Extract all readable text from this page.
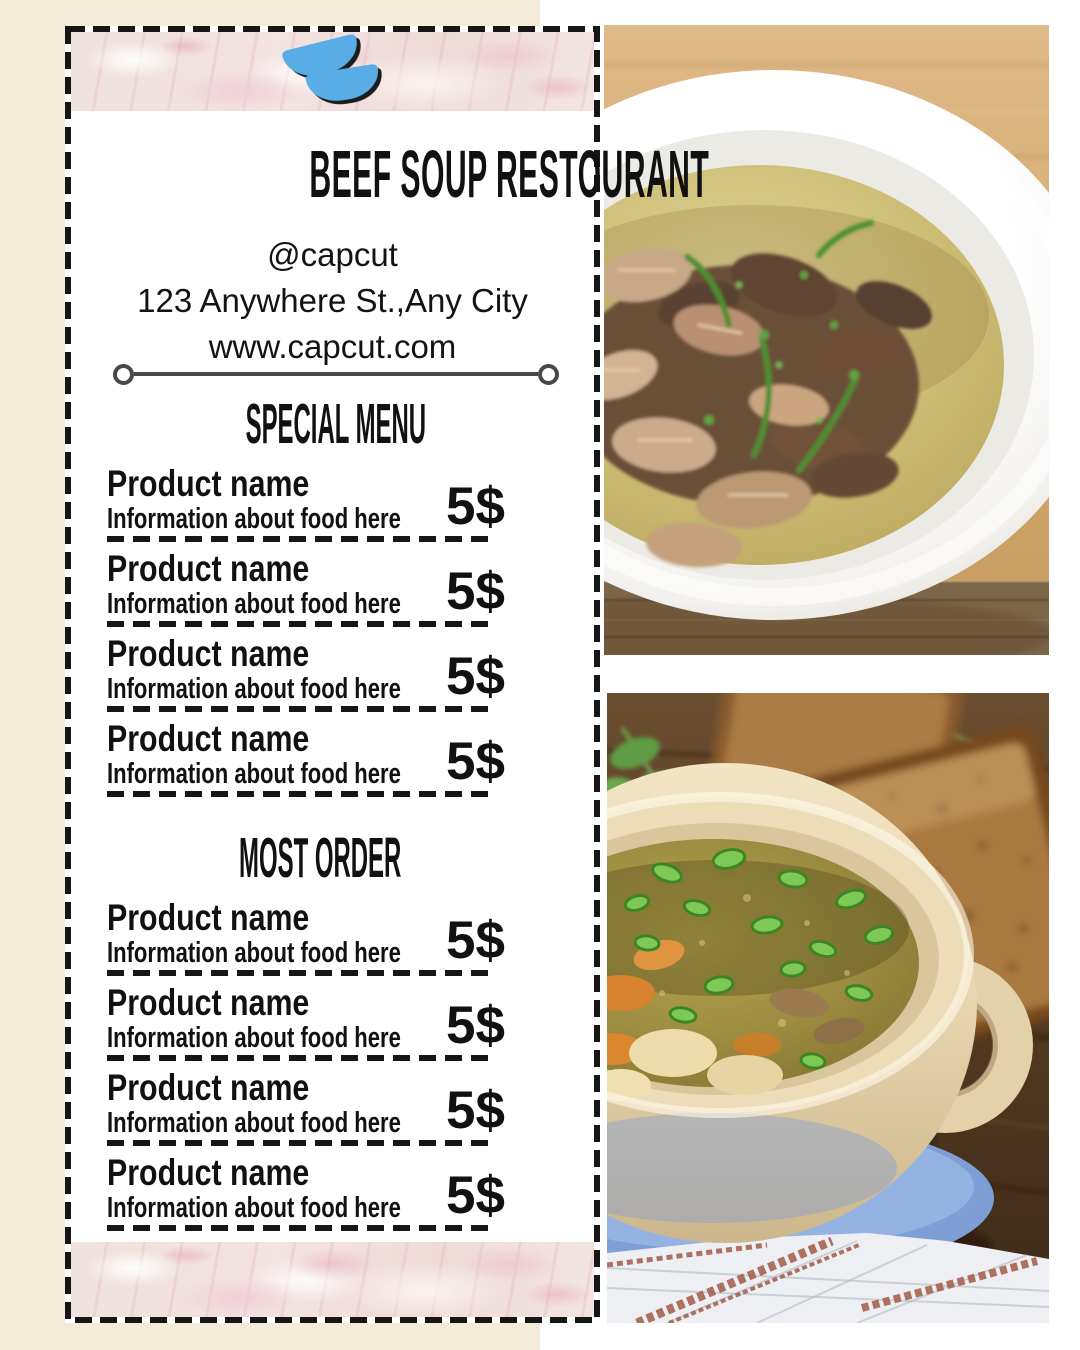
BEEF SOUP RESTOURANT
@capcut
123 Anywhere St.,Any City
www.capcut.com
SPECIAL MENU
Product name
Information about food here 5$
Product name
Information about food here 5$
Product name
Information about food here 5$
Product name
Information about food here 5$
MOST ORDER
Product name
Information about food here 5$
Product name
Information about food here 5$
Product name
Information about food here 5$
Product name
Information about food here 5$
